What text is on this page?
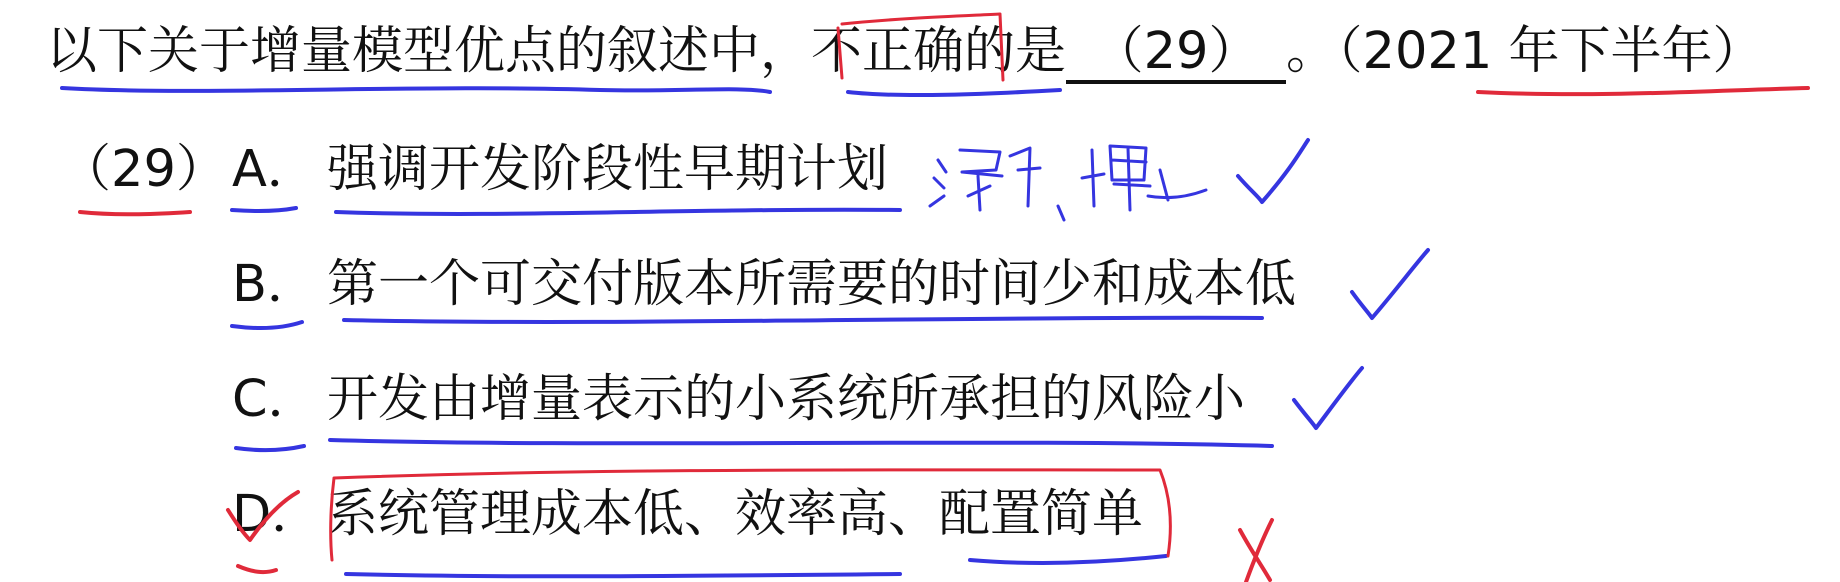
以下关于增量模型优点的叙述中，不正确的是 （29） 。（2021 年下半年）
（29） A． 强调开发阶段性早期计划
B． 第一个可交付版本所需要的时间少和成本低
C． 开发由增量表示的小系统所承担的风险小
D．系统管理成本低、效率高、配置简单
